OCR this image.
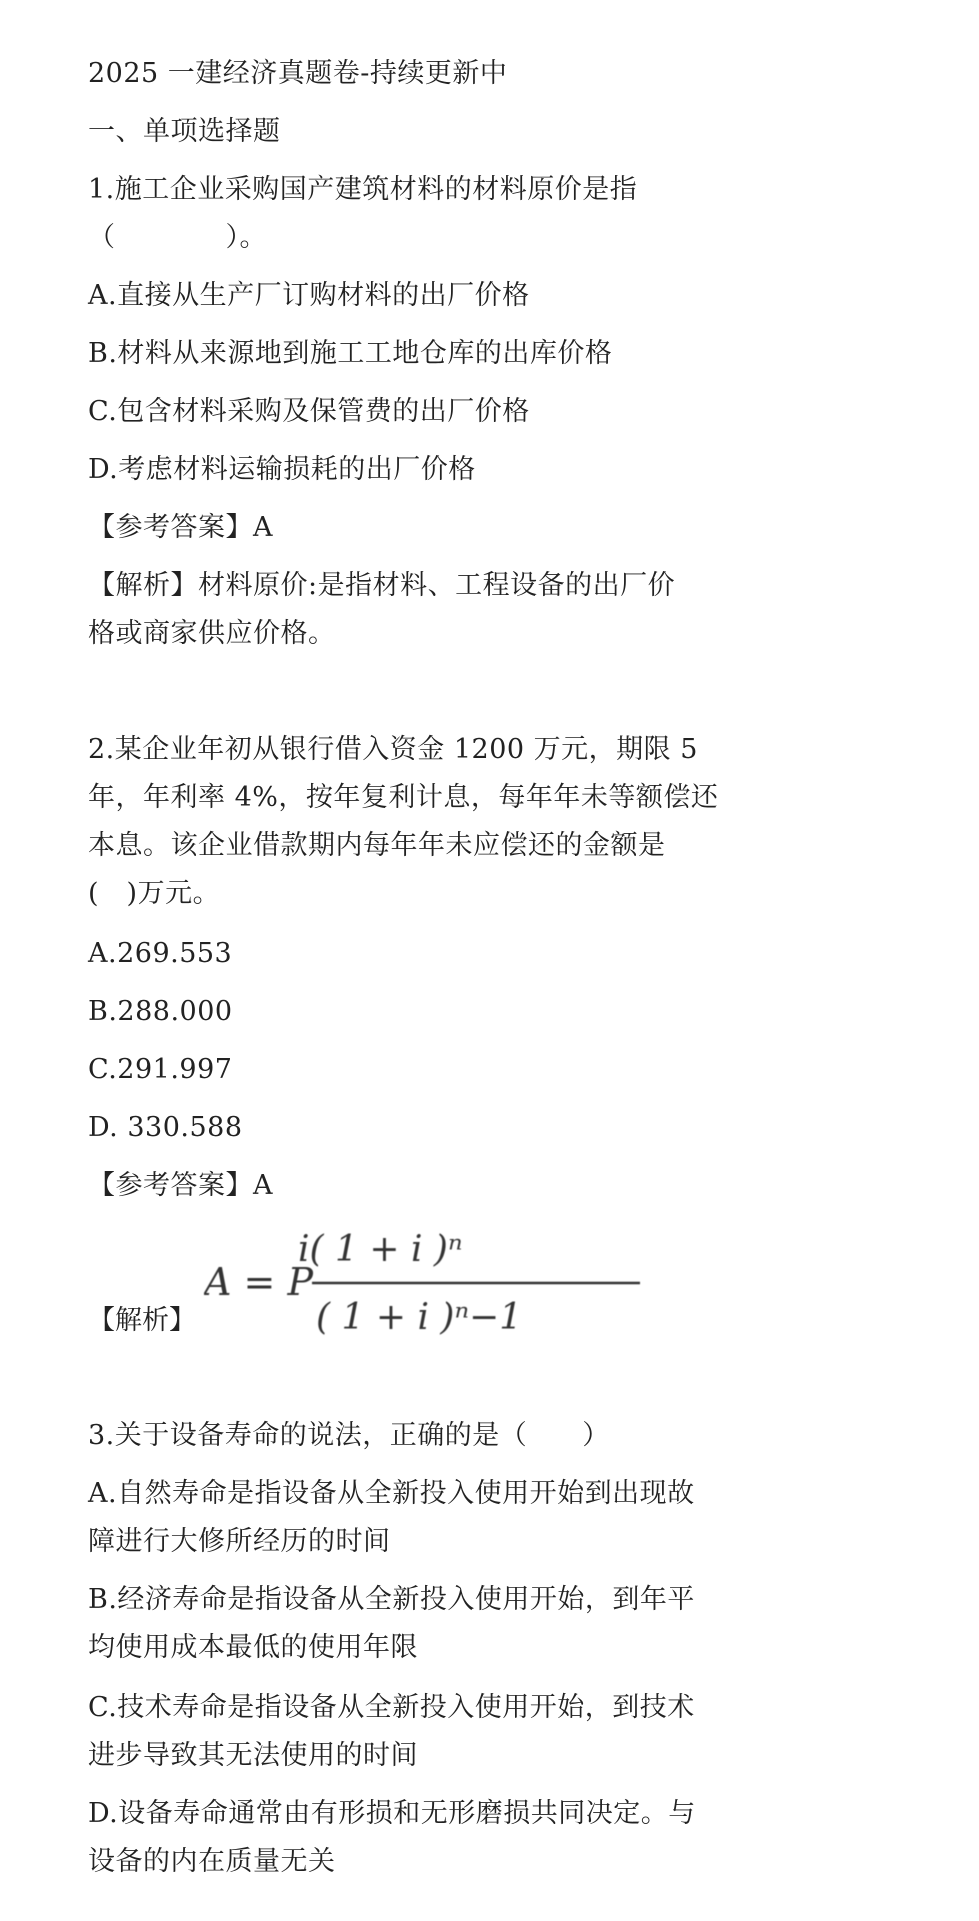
2025 一建经济真题卷-持续更新中
一、单项选择题
1.施工企业采购国产建筑材料的材料原价是指
（　　　　）。
A.直接从生产厂订购材料的出厂价格
B.材料从来源地到施工工地仓库的出库价格
C.包含材料采购及保管费的出厂价格
D.考虑材料运输损耗的出厂价格
【参考答案】A
【解析】材料原价:是指材料、工程设备的出厂价
格或商家供应价格。
2.某企业年初从银行借入资金 1200 万元，期限 5
年，年利率 4%，按年复利计息，每年年未等额偿还
本息。该企业借款期内每年年未应偿还的金额是
(　)万元。
A.269.553
B.288.000
C.291.997
D. 330.588
【参考答案】A
【解析】
i( 1 + i )ⁿ
A = P
( 1 + i )ⁿ−1
3.关于设备寿命的说法，正确的是（　　）
A.自然寿命是指设备从全新投入使用开始到出现故
障进行大修所经历的时间
B.经济寿命是指设备从全新投入使用开始，到年平
均使用成本最低的使用年限
C.技术寿命是指设备从全新投入使用开始，到技术
进步导致其无法使用的时间
D.设备寿命通常由有形损和无形磨损共同决定。与
设备的内在质量无关
